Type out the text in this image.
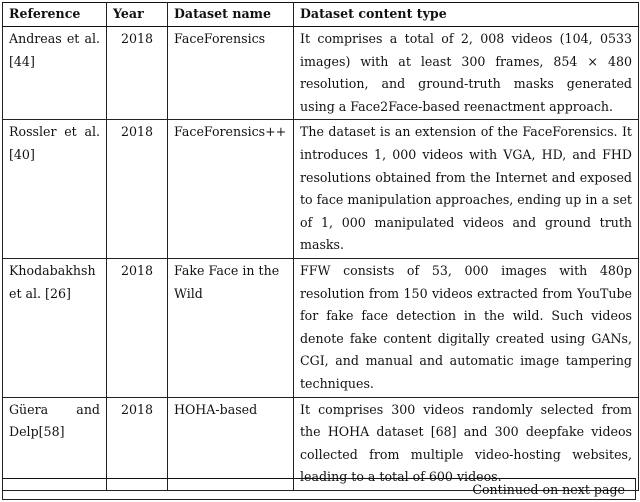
Reference	Year	Dataset name	Dataset content type
Andreas et al. [44]	2018	FaceForensics	It comprises a total of 2, 008 videos (104, 0533 images) with at least 300 frames, 854 × 480 resolution, and ground-truth masks generated using a Face2Face-based reenactment approach.
Rossler et al. [40]	2018	FaceForensics++	The dataset is an extension of the FaceForensics. It introduces 1, 000 videos with VGA, HD, and FHD resolutions obtained from the Internet and exposed to face manipulation approaches, ending up in a set of 1, 000 manipulated videos and ground truth masks.
Khodabakhsh et al. [26]	2018	Fake Face in the Wild	FFW consists of 53, 000 images with 480p resolution from 150 videos extracted from YouTube for fake face detection in the wild. Such videos denote fake content digitally created using GANs, CGI, and manual and automatic image tampering techniques.
Güera and Delp[58]	2018	HOHA-based	It comprises 300 videos randomly selected from the HOHA dataset [68] and 300 deepfake videos collected from multiple video-hosting websites, leading to a total of 600 videos.
Continued on next page
